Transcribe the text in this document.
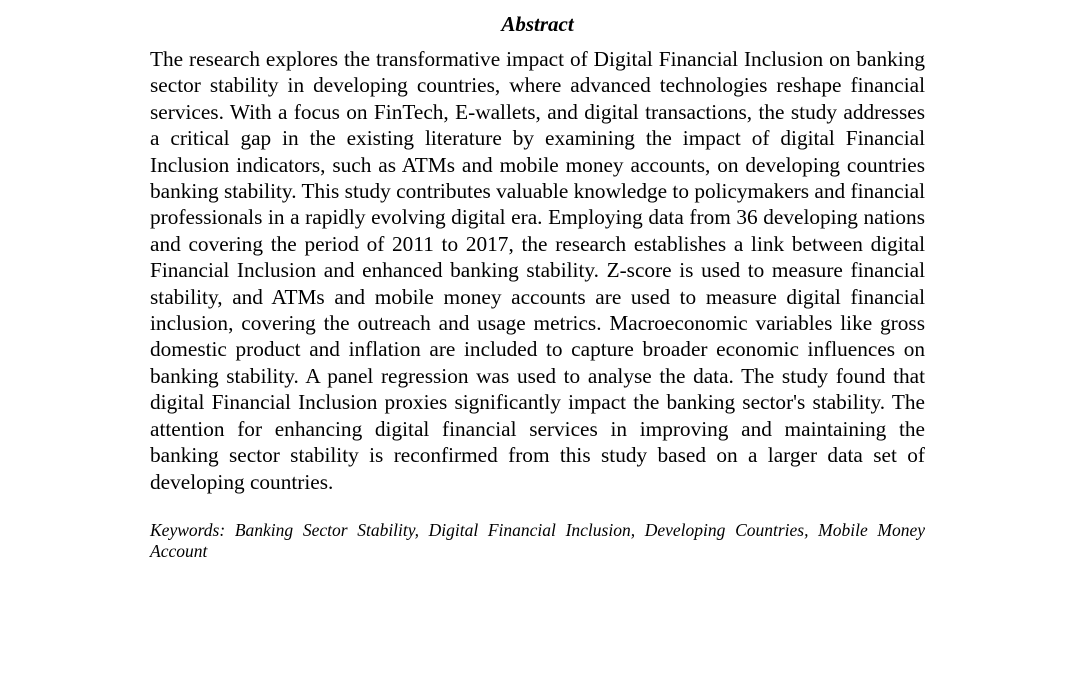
Abstract

The research explores the transformative impact of Digital Financial Inclusion on banking sector stability in developing countries, where advanced technologies reshape financial services. With a focus on FinTech, E-wallets, and digital transactions, the study addresses a critical gap in the existing literature by examining the impact of digital Financial Inclusion indicators, such as ATMs and mobile money accounts, on developing countries banking stability. This study contributes valuable knowledge to policymakers and financial professionals in a rapidly evolving digital era. Employing data from 36 developing nations and covering the period of 2011 to 2017, the research establishes a link between digital Financial Inclusion and enhanced banking stability. Z-score is used to measure financial stability, and ATMs and mobile money accounts are used to measure digital financial inclusion, covering the outreach and usage metrics. Macroeconomic variables like gross domestic product and inflation are included to capture broader economic influences on banking stability. A panel regression was used to analyse the data. The study found that digital Financial Inclusion proxies significantly impact the banking sector's stability. The attention for enhancing digital financial services in improving and maintaining the banking sector stability is reconfirmed from this study based on a larger data set of developing countries.

Keywords: Banking Sector Stability, Digital Financial Inclusion, Developing Countries, Mobile Money Account
